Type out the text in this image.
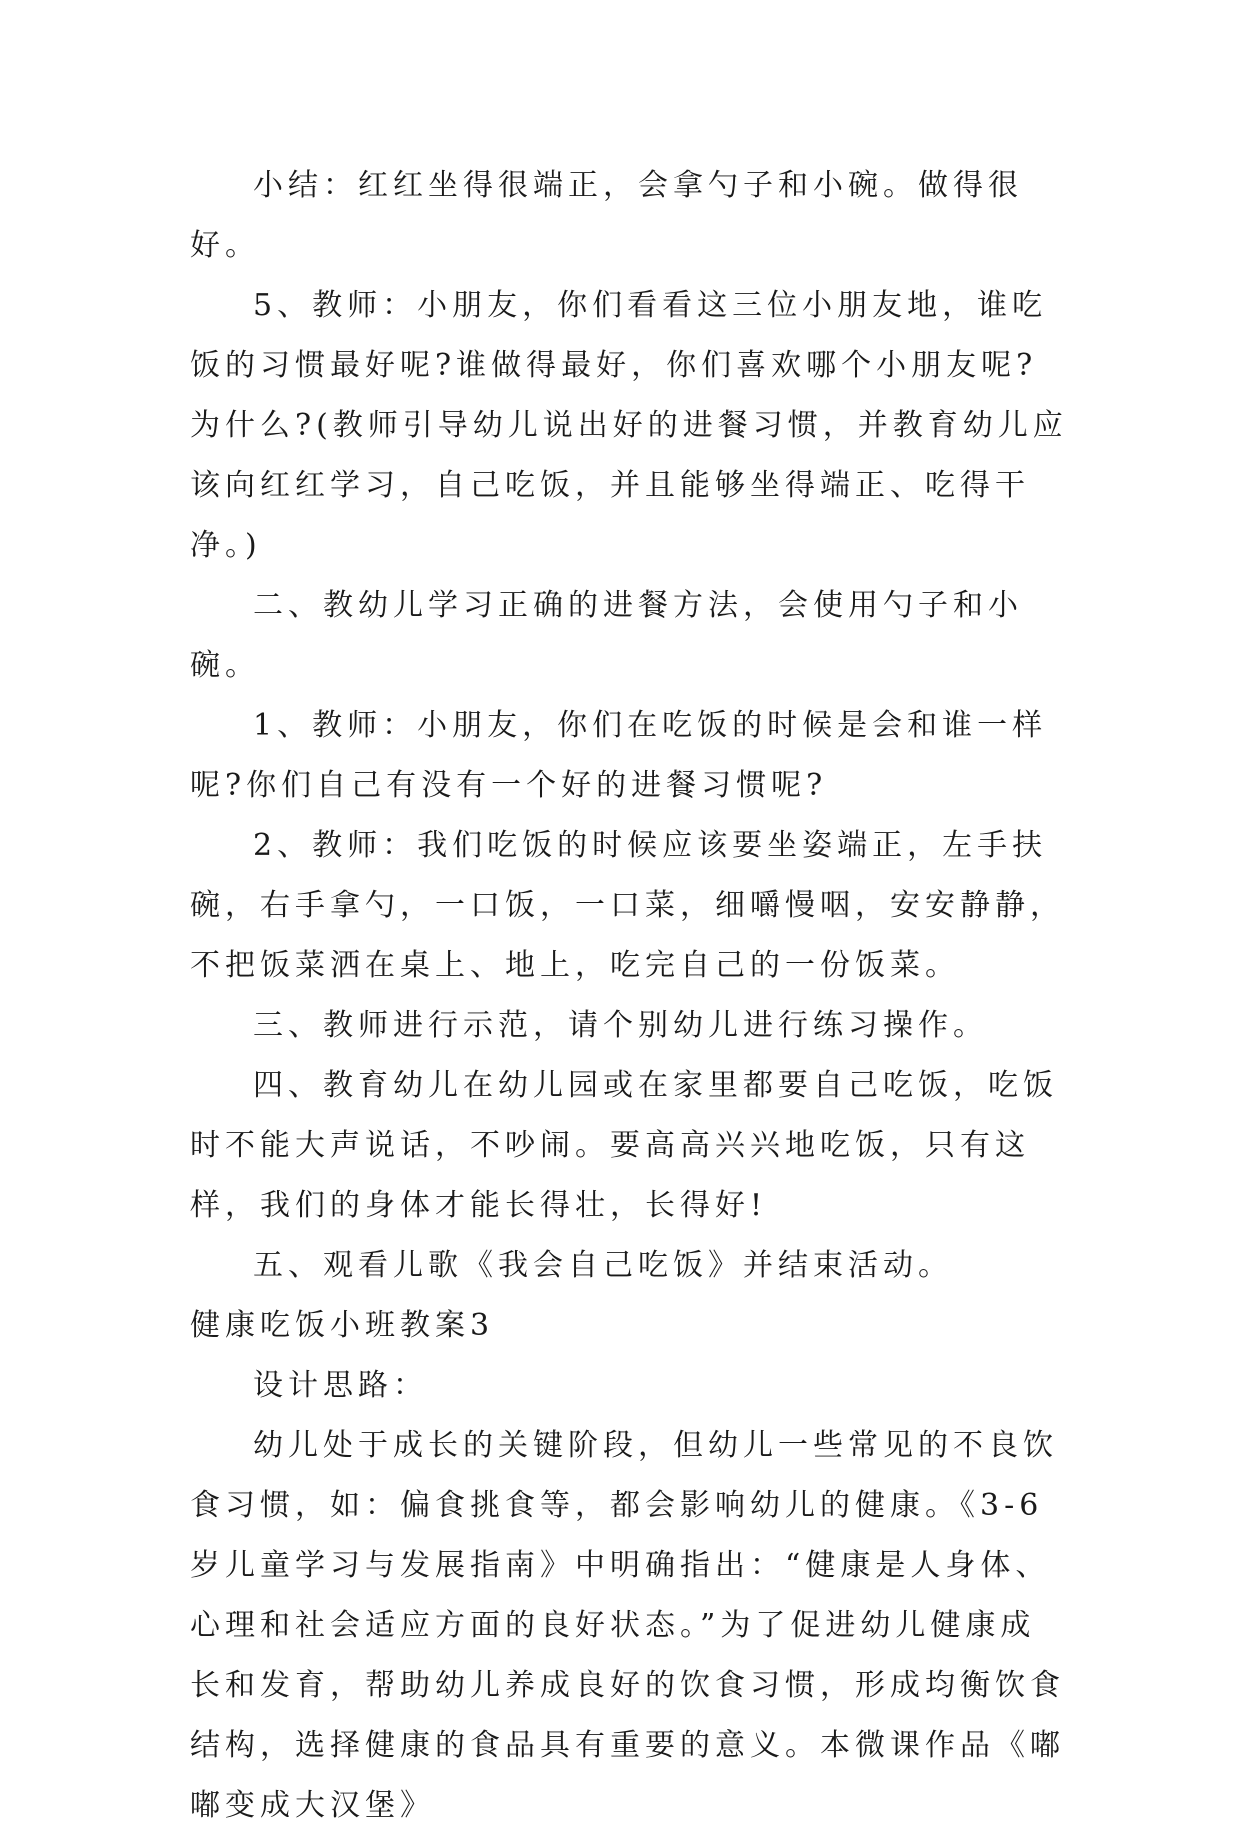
小结：红红坐得很端正，会拿勺子和小碗。做得很好。

5、教师：小朋友，你们看看这三位小朋友地，谁吃饭的习惯最好呢?谁做得最好，你们喜欢哪个小朋友呢?为什么?(教师引导幼儿说出好的进餐习惯，并教育幼儿应该向红红学习，自己吃饭，并且能够坐得端正、吃得干净。)

二、教幼儿学习正确的进餐方法，会使用勺子和小碗。

1、教师：小朋友，你们在吃饭的时候是会和谁一样呢?你们自己有没有一个好的进餐习惯呢?

2、教师：我们吃饭的时候应该要坐姿端正，左手扶碗，右手拿勺，一口饭，一口菜，细嚼慢咽，安安静静，不把饭菜洒在桌上、地上，吃完自己的一份饭菜。

三、教师进行示范，请个别幼儿进行练习操作。

四、教育幼儿在幼儿园或在家里都要自己吃饭，吃饭时不能大声说话，不吵闹。要高高兴兴地吃饭，只有这样，我们的身体才能长得壮，长得好!

五、观看儿歌《我会自己吃饭》并结束活动。

健康吃饭小班教案3

设计思路：

幼儿处于成长的关键阶段，但幼儿一些常见的不良饮食习惯，如：偏食挑食等，都会影响幼儿的健康。《3-6岁儿童学习与发展指南》中明确指出：“健康是人身体、心理和社会适应方面的良好状态。”为了促进幼儿健康成长和发育，帮助幼儿养成良好的饮食习惯，形成均衡饮食结构，选择健康的食品具有重要的意义。本微课作品《嘟嘟变成大汉堡》
